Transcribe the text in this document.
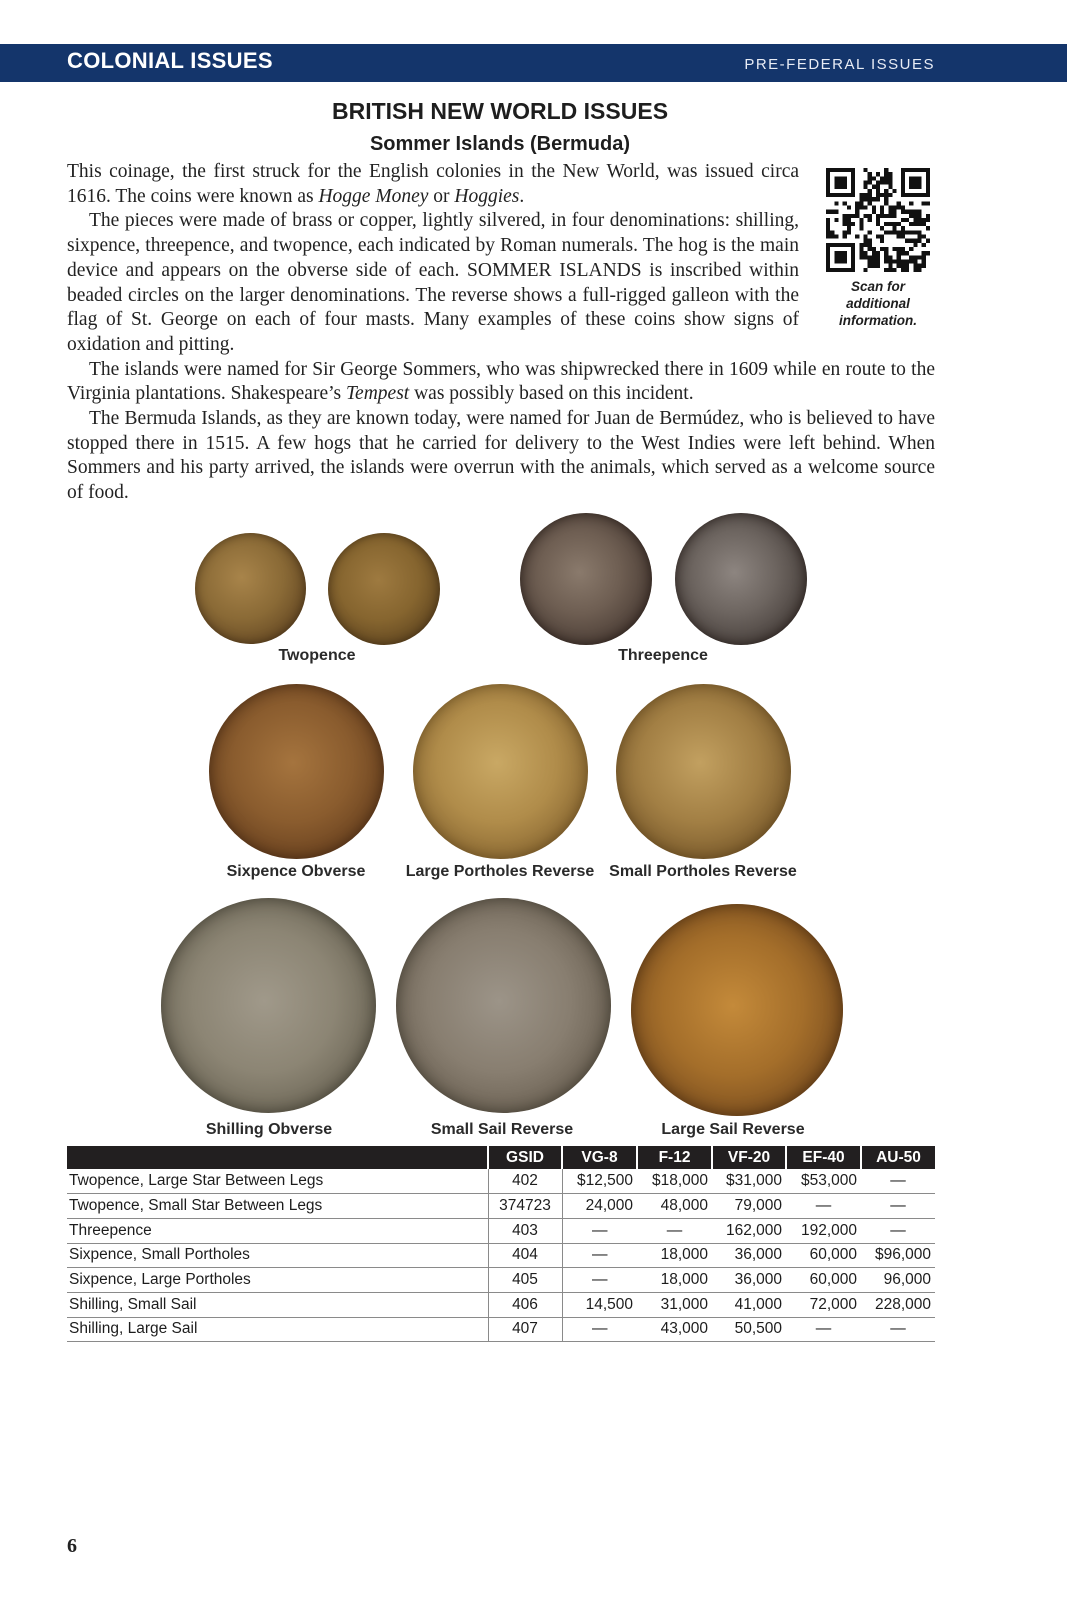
COLONIAL ISSUES	PRE-FEDERAL ISSUES
BRITISH NEW WORLD ISSUES
Sommer Islands (Bermuda)
Scan for
additional
information.

This coinage, the first struck for the English colonies in the New World, was issued circa 1616. The coins were known as Hogge Money or Hoggies.

The pieces were made of brass or copper, lightly silvered, in four denominations: shilling, sixpence, threepence, and twopence, each indicated by Roman numerals. The hog is the main device and appears on the obverse side of each. SOMMER ISLANDS is inscribed within beaded circles on the larger denominations. The reverse shows a full-rigged galleon with the flag of St. George on each of four masts. Many examples of these coins show signs of oxidation and pitting.

The islands were named for Sir George Sommers, who was shipwrecked there in 1609 while en route to the Virginia plantations. Shakespeare’s Tempest was possibly based on this incident.

The Bermuda Islands, as they are known today, were named for Juan de Bermúdez, who is believed to have stopped there in 1515. A few hogs that he carried for delivery to the West Indies were left behind. When Sommers and his party arrived, the islands were overrun with the animals, which served as a welcome source of food.

Twopence	Threepence
Sixpence Obverse	Large Portholes Reverse Small Portholes Reverse
Shilling Obverse	Small Sail Reverse	Large Sail Reverse
	GSID	VG-8	F-12	VF-20	EF-40	AU-50
Twopence, Large Star Between Legs	402	$12,500	$18,000	$31,000	$53,000	—
Twopence, Small Star Between Legs	374723	24,000	48,000	79,000	—	—
Threepence	403	—	—	162,000	192,000	—
Sixpence, Small Portholes	404	—	18,000	36,000	60,000	$96,000
Sixpence, Large Portholes	405	—	18,000	36,000	60,000	96,000
Shilling, Small Sail	406	14,500	31,000	41,000	72,000	228,000
Shilling, Large Sail	407	—	43,000	50,500	—	—
6
